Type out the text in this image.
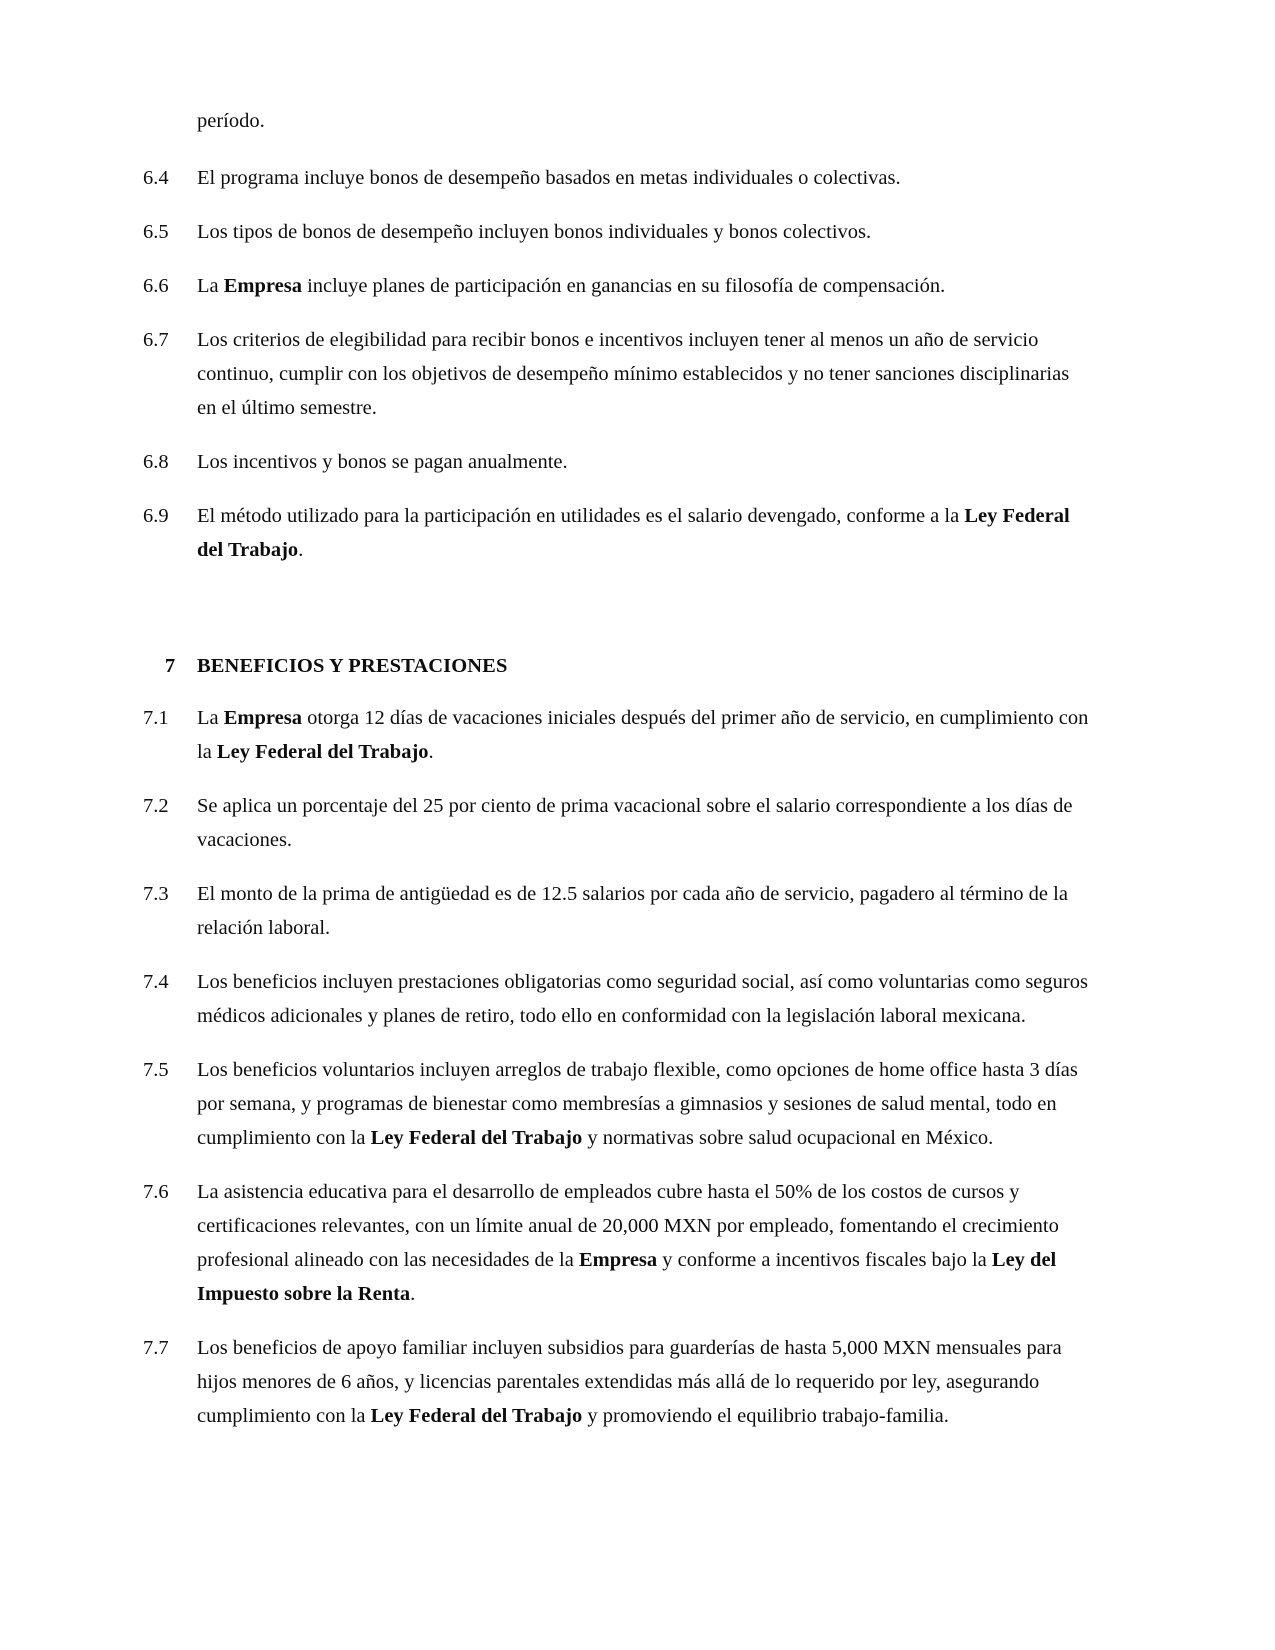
período.

6.4	El programa incluye bonos de desempeño basados en metas individuales o colectivas.
6.5	Los tipos de bonos de desempeño incluyen bonos individuales y bonos colectivos.
6.6	La Empresa incluye planes de participación en ganancias en su filosofía de compensación.
6.7	Los criterios de elegibilidad para recibir bonos e incentivos incluyen tener al menos un año de servicio continuo, cumplir con los objetivos de desempeño mínimo establecidos y no tener sanciones disciplinarias en el último semestre.
6.8	Los incentivos y bonos se pagan anualmente.
6.9	El método utilizado para la participación en utilidades es el salario devengado, conforme a la Ley Federal del Trabajo.
7	BENEFICIOS Y PRESTACIONES
7.1	La Empresa otorga 12 días de vacaciones iniciales después del primer año de servicio, en cumplimiento con la Ley Federal del Trabajo.
7.2	Se aplica un porcentaje del 25 por ciento de prima vacacional sobre el salario correspondiente a los días de vacaciones.
7.3	El monto de la prima de antigüedad es de 12.5 salarios por cada año de servicio, pagadero al término de la relación laboral.
7.4	Los beneficios incluyen prestaciones obligatorias como seguridad social, así como voluntarias como seguros médicos adicionales y planes de retiro, todo ello en conformidad con la legislación laboral mexicana.
7.5	Los beneficios voluntarios incluyen arreglos de trabajo flexible, como opciones de home office hasta 3 días por semana, y programas de bienestar como membresías a gimnasios y sesiones de salud mental, todo en cumplimiento con la Ley Federal del Trabajo y normativas sobre salud ocupacional en México.
7.6	La asistencia educativa para el desarrollo de empleados cubre hasta el 50% de los costos de cursos y certificaciones relevantes, con un límite anual de 20,000 MXN por empleado, fomentando el crecimiento profesional alineado con las necesidades de la Empresa y conforme a incentivos fiscales bajo la Ley del Impuesto sobre la Renta.
7.7	Los beneficios de apoyo familiar incluyen subsidios para guarderías de hasta 5,000 MXN mensuales para hijos menores de 6 años, y licencias parentales extendidas más allá de lo requerido por ley, asegurando cumplimiento con la Ley Federal del Trabajo y promoviendo el equilibrio trabajo-familia.
